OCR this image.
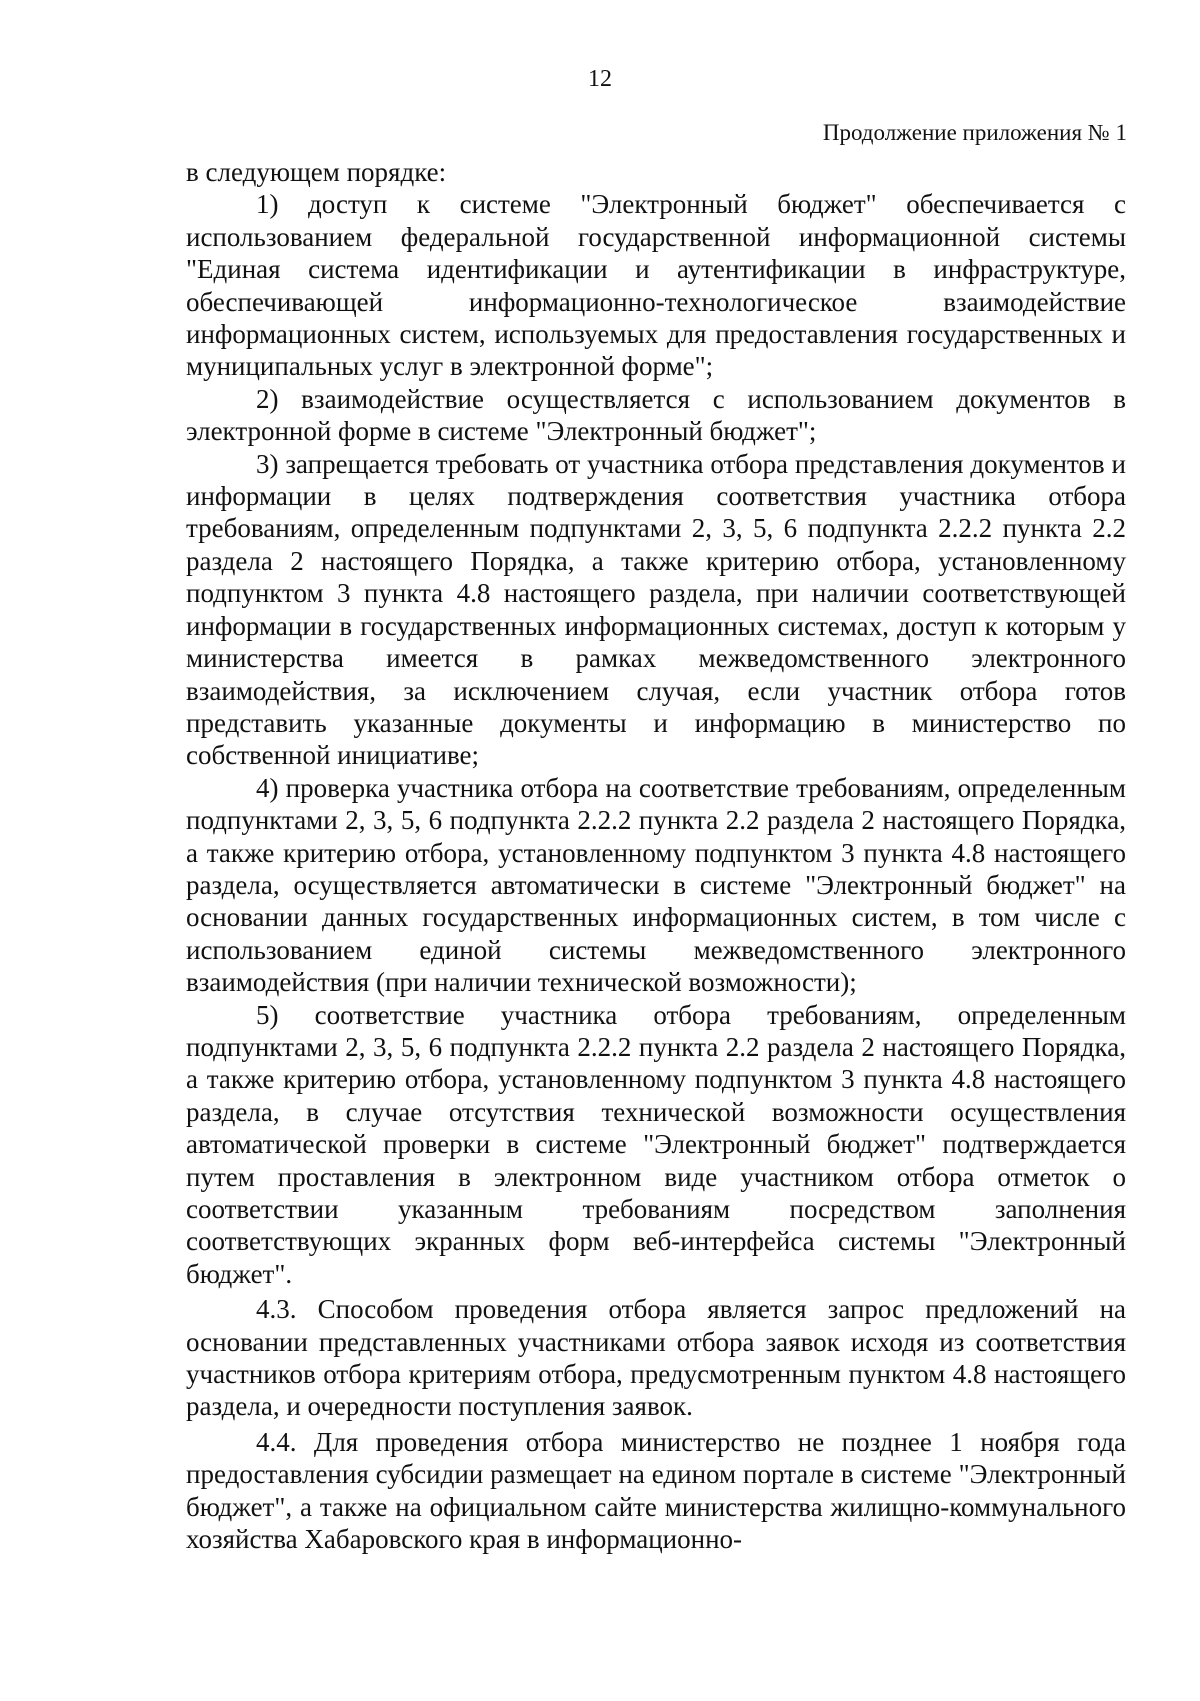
12
Продолжение приложения № 1

в следующем порядке:

1) доступ к системе "Электронный бюджет" обеспечивается с использованием федеральной государственной информационной системы "Единая система идентификации и аутентификации в инфраструктуре, обеспечивающей информационно-технологическое взаимодействие информационных систем, используемых для предоставления государственных и муниципальных услуг в электронной форме";

2) взаимодействие осуществляется с использованием документов в электронной форме в системе "Электронный бюджет";

3) запрещается требовать от участника отбора представления документов и информации в целях подтверждения соответствия участника отбора требованиям, определенным подпунктами 2, 3, 5, 6 подпункта 2.2.2 пункта 2.2 раздела 2 настоящего Порядка, а также критерию отбора, установленному подпунктом 3 пункта 4.8 настоящего раздела, при наличии соответствующей информации в государственных информационных системах, доступ к которым у министерства имеется в рамках межведомственного электронного взаимодействия, за исключением случая, если участник отбора готов представить указанные документы и информацию в министерство по собственной инициативе;

4) проверка участника отбора на соответствие требованиям, определенным подпунктами 2, 3, 5, 6 подпункта 2.2.2 пункта 2.2 раздела 2 настоящего Порядка, а также критерию отбора, установленному подпунктом 3 пункта 4.8 настоящего раздела, осуществляется автоматически в системе "Электронный бюджет" на основании данных государственных информационных систем, в том числе с использованием единой системы межведомственного электронного взаимодействия (при наличии технической возможности);

5) соответствие участника отбора требованиям, определенным подпунктами 2, 3, 5, 6 подпункта 2.2.2 пункта 2.2 раздела 2 настоящего Порядка, а также критерию отбора, установленному подпунктом 3 пункта 4.8 настоящего раздела, в случае отсутствия технической возможности осуществления автоматической проверки в системе "Электронный бюджет" подтверждается путем проставления в электронном виде участником отбора отметок о соответствии указанным требованиям посредством заполнения соответствующих экранных форм веб-интерфейса системы "Электронный бюджет".

4.3. Способом проведения отбора является запрос предложений на основании представленных участниками отбора заявок исходя из соответствия участников отбора критериям отбора, предусмотренным пунктом 4.8 настоящего раздела, и очередности поступления заявок.

4.4. Для проведения отбора министерство не позднее 1 ноября года предоставления субсидии размещает на едином портале в системе "Электронный бюджет", а также на официальном сайте министерства жилищно-коммунального хозяйства Хабаровского края в информационно-
